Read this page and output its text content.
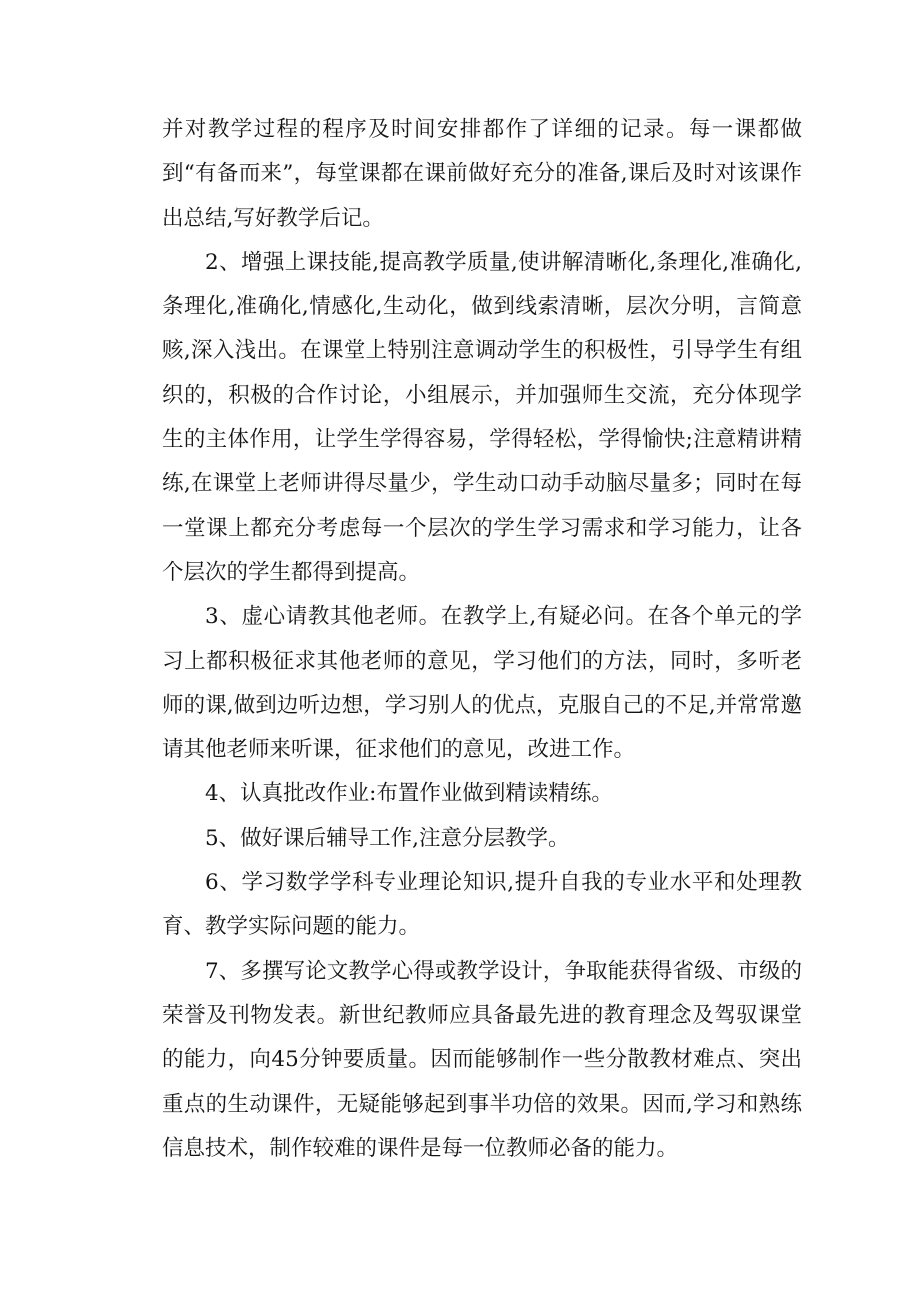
并对教学过程的程序及时间安排都作了详细的记录。每一课都做到“有备而来”，每堂课都在课前做好充分的准备,课后及时对该课作出总结,写好教学后记。

2、增强上课技能,提高教学质量,使讲解清晰化,条理化,准确化,条理化,准确化,情感化,生动化，做到线索清晰，层次分明，言简意赅,深入浅出。在课堂上特别注意调动学生的积极性，引导学生有组织的，积极的合作讨论，小组展示，并加强师生交流，充分体现学生的主体作用，让学生学得容易，学得轻松，学得愉快;注意精讲精练,在课堂上老师讲得尽量少，学生动口动手动脑尽量多；同时在每一堂课上都充分考虑每一个层次的学生学习需求和学习能力，让各个层次的学生都得到提高。

3、虚心请教其他老师。在教学上,有疑必问。在各个单元的学习上都积极征求其他老师的意见，学习他们的方法，同时，多听老师的课,做到边听边想，学习别人的优点，克服自己的不足,并常常邀请其他老师来听课，征求他们的意见，改进工作。

4、认真批改作业:布置作业做到精读精练。

5、做好课后辅导工作,注意分层教学。

6、学习数学学科专业理论知识,提升自我的专业水平和处理教育、教学实际问题的能力。

7、多撰写论文教学心得或教学设计，争取能获得省级、市级的荣誉及刊物发表。新世纪教师应具备最先进的教育理念及驾驭课堂的能力，向45分钟要质量。因而能够制作一些分散教材难点、突出重点的生动课件，无疑能够起到事半功倍的效果。因而,学习和熟练信息技术，制作较难的课件是每一位教师必备的能力。
